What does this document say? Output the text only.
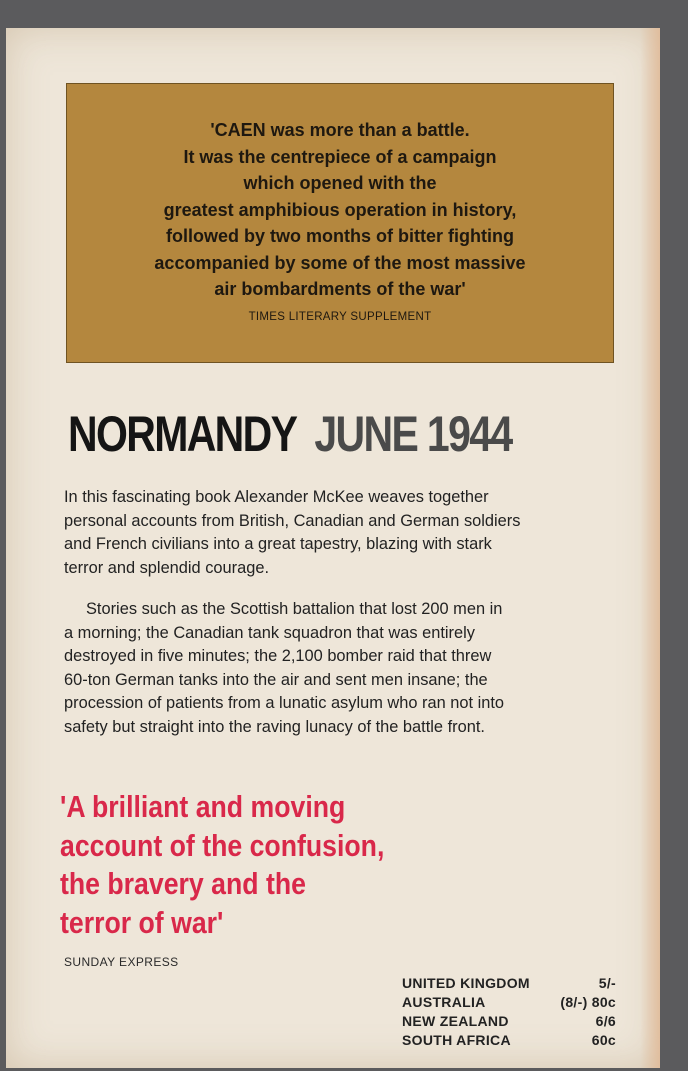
'CAEN was more than a battle.
It was the centrepiece of a campaign
which opened with the
greatest amphibious operation in history,
followed by two months of bitter fighting
accompanied by some of the most massive
air bombardments of the war'
TIMES LITERARY SUPPLEMENT
NORMANDY JUNE 1944
In this fascinating book Alexander McKee weaves together
personal accounts from British, Canadian and German soldiers
and French civilians into a great tapestry, blazing with stark
terror and splendid courage.
Stories such as the Scottish battalion that lost 200 men in
a morning; the Canadian tank squadron that was entirely
destroyed in five minutes; the 2,100 bomber raid that threw
60-ton German tanks into the air and sent men insane; the
procession of patients from a lunatic asylum who ran not into
safety but straight into the raving lunacy of the battle front.
'A brilliant and moving
account of the confusion,
the bravery and the
terror of war'
SUNDAY EXPRESS
UNITED KINGDOM	5/-
AUSTRALIA	(8/-) 80c
NEW ZEALAND	6/6
SOUTH AFRICA	60c
